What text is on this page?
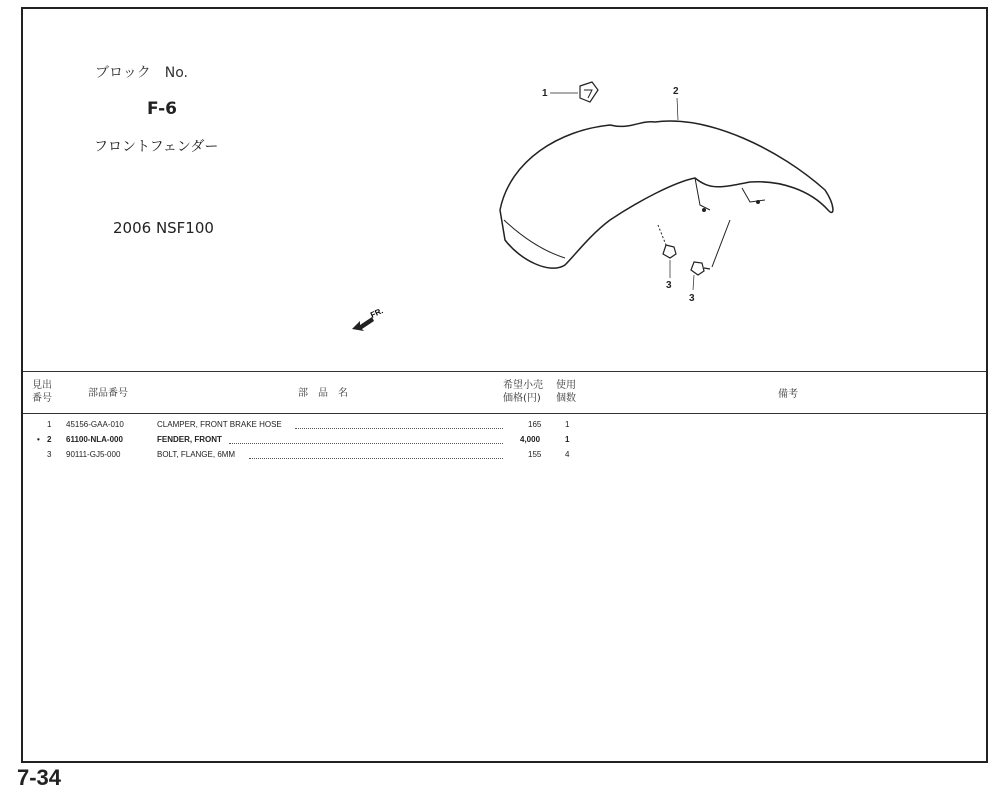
ブロック　No.
F-6
フロントフェンダー
2006 NSF100
1	2
3
3
FR.
見出
番号	部品番号	部　品　名
希望小売
価格(円)
使用
個数	備考
1 45156-GAA-010	CLAMPER, FRONT BRAKE HOSE	165	1
• 2 61100-NLA-000	FENDER, FRONT	4,000	1
3 90111-GJ5-000	BOLT, FLANGE, 6MM	155	4
7-34
